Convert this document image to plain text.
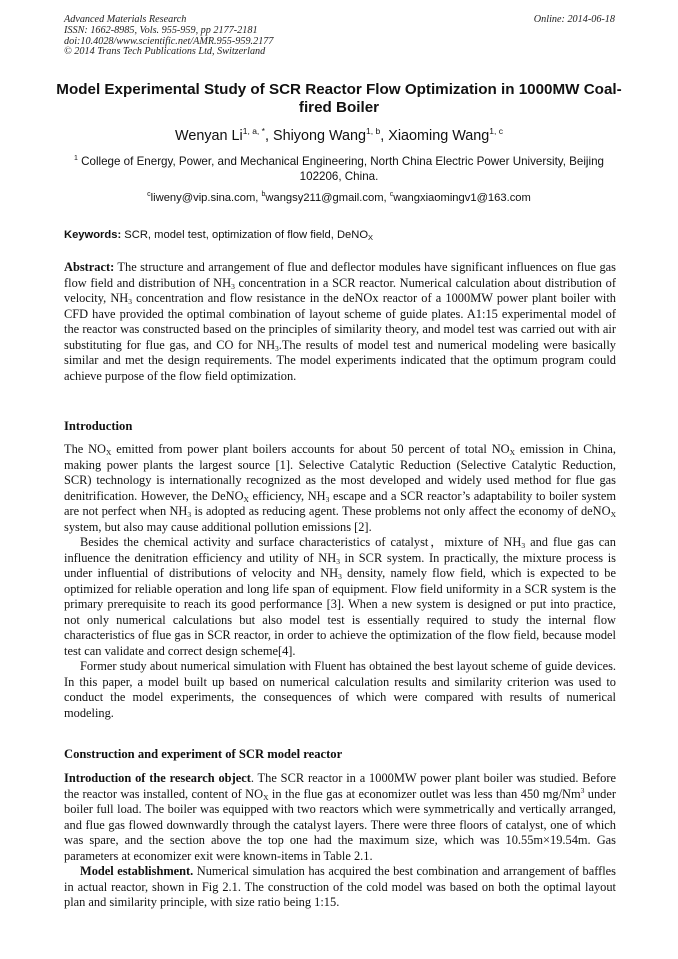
Advanced Materials Research
ISSN: 1662-8985, Vols. 955-959, pp 2177-2181
doi:10.4028/www.scientific.net/AMR.955-959.2177
© 2014 Trans Tech Publications Ltd, Switzerland
Online: 2014-06-18
Model Experimental Study of SCR Reactor Flow Optimization in 1000MW Coal-fired Boiler
Wenyan $Li^{1, a, *}$, Shiyong Wang$^{1, b}$, Xiaoming Wang$^{1, c}$
$^1$ College of Energy, Power, and Mechanical Engineering, North China Electric Power University, Beijing 102206, China.
$^c$liweny@vip.sina.com, $^b$wangsy211@gmail.com, $^c$wangxiaomingv1@163.com
Keywords: SCR, model test, optimization of flow field, DeNO$_X$
Abstract: The structure and arrangement of flue and deflector modules have significant influences on flue gas flow field and distribution of $NH_3$ concentration in a SCR reactor. Numerical calculation about distribution of velocity, $NH_3$ concentration and flow resistance in the deNOx reactor of a 1000MW power plant boiler with CFD have provided the optimal combination of layout scheme of guide plates. A1:15 experimental model of the reactor was constructed based on the principles of similarity theory, and model test was carried out with air substituting for flue gas, and CO for $NH_3.The$ results of model test and numerical modeling were basically similar and met the design requirements. The model experiments indicated that the optimum program could achieve purpose of the flow field optimization.
Introduction

The $NO_X$ emitted from power plant boilers accounts for about 50 percent of total $NO_X$ emission in China, making power plants the largest source [1]. Selective Catalytic Reduction (Selective Catalytic Reduction, SCR) technology is internationally recognized as the most developed and widely used method for flue gas denitrification. However, the DeNO$_X$ efficiency, $NH_3$ escape and a SCR reactor’s adaptability to boiler system are not perfect when $NH_3$ is adopted as reducing agent. These problems not only affect the economy of deNO$_X$ system, but also may cause additional pollution emissions [2].

Besides the chemical activity and surface characteristics of catalyst，mixture of $NH_3$ and flue gas can influence the denitration efficiency and utility of $NH_3$ in SCR system. In practically, the mixture process is under influential of distributions of velocity and $NH_3$ density, namely flow field, which is expected to be optimized for reliable operation and long life span of equipment. Flow field uniformity in a SCR system is the primary prerequisite to reach its good performance [3]. When a new system is designed or put into practice, not only numerical calculations but also model test is essentially required to study the internal flow characteristics of flue gas in SCR reactor, in order to achieve the optimization of the flow field, because model test can validate and correct design scheme[4].

Former study about numerical simulation with Fluent has obtained the best layout scheme of guide devices. In this paper, a model built up based on numerical calculation results and similarity criterion was used to conduct the model experiments, the consequences of which were compared with results of numerical modeling.

Construction and experiment of SCR model reactor

Introduction of the research object. The SCR reactor in a 1000MW power plant boiler was studied. Before the reactor was installed, content of $NO_X$ in the flue gas at economizer outlet was less than 450 mg/Nm$^3$ under boiler full load. The boiler was equipped with two reactors which were symmetrically and vertically arranged, and flue gas flowed downwardly through the catalyst layers. There were three floors of catalyst, one of which was spare, and the section above the top one had the maximum size, which was 10.55m×19.54m. Gas parameters at economizer exit were known-items in Table 2.1.

Model establishment. Numerical simulation has acquired the best combination and arrangement of baffles in actual reactor, shown in Fig 2.1. The construction of the cold model was based on both the optimal layout plan and similarity principle, with size ratio being 1:15.
